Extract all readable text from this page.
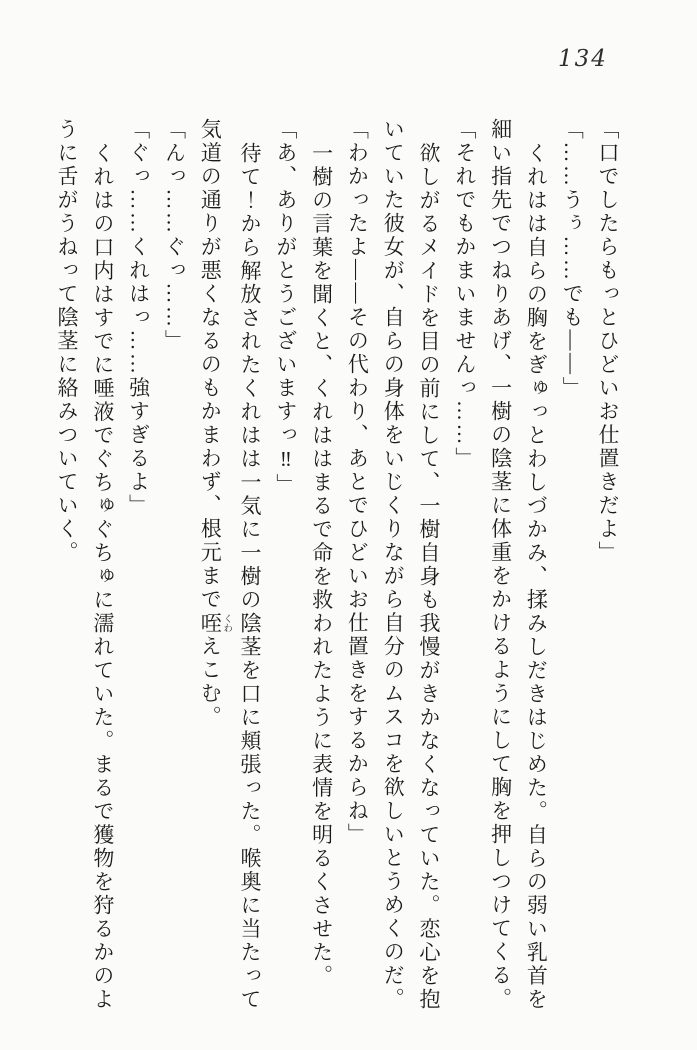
134

「口でしたらもっとひどいお仕置きだよ」

「……うぅ……でも――」

くれはは自らの胸をぎゅっとわしづかみ、揉みしだきはじめた。自らの弱い乳首を

細い指先でつねりあげ、一樹の陰茎に体重をかけるようにして胸を押しつけてくる。

「それでもかまいませんっ……」

欲しがるメイドを目の前にして、一樹自身も我慢がきかなくなっていた。恋心を抱

いていた彼女が、自らの身体をいじくりながら自分のムスコを欲しいとうめくのだ。

「わかったよ――その代わり、あとでひどいお仕置きをするからね」

一樹の言葉を聞くと、くれははまるで命を救われたように表情を明るくさせた。

「あ、ありがとうございますっ‼」

待て！から解放されたくれはは一気に一樹の陰茎を口に頬張った。喉奥に当たって

気道の通りが悪くなるのもかまわず、根元まで咥 くわえこむ。

「んっ……ぐっ……」

「ぐっ……くれはっ……強すぎるよ」

くれはの口内はすでに唾液でぐちゅぐちゅに濡れていた。まるで獲物を狩るかのよ

うに舌がうねって陰茎に絡みついていく。
